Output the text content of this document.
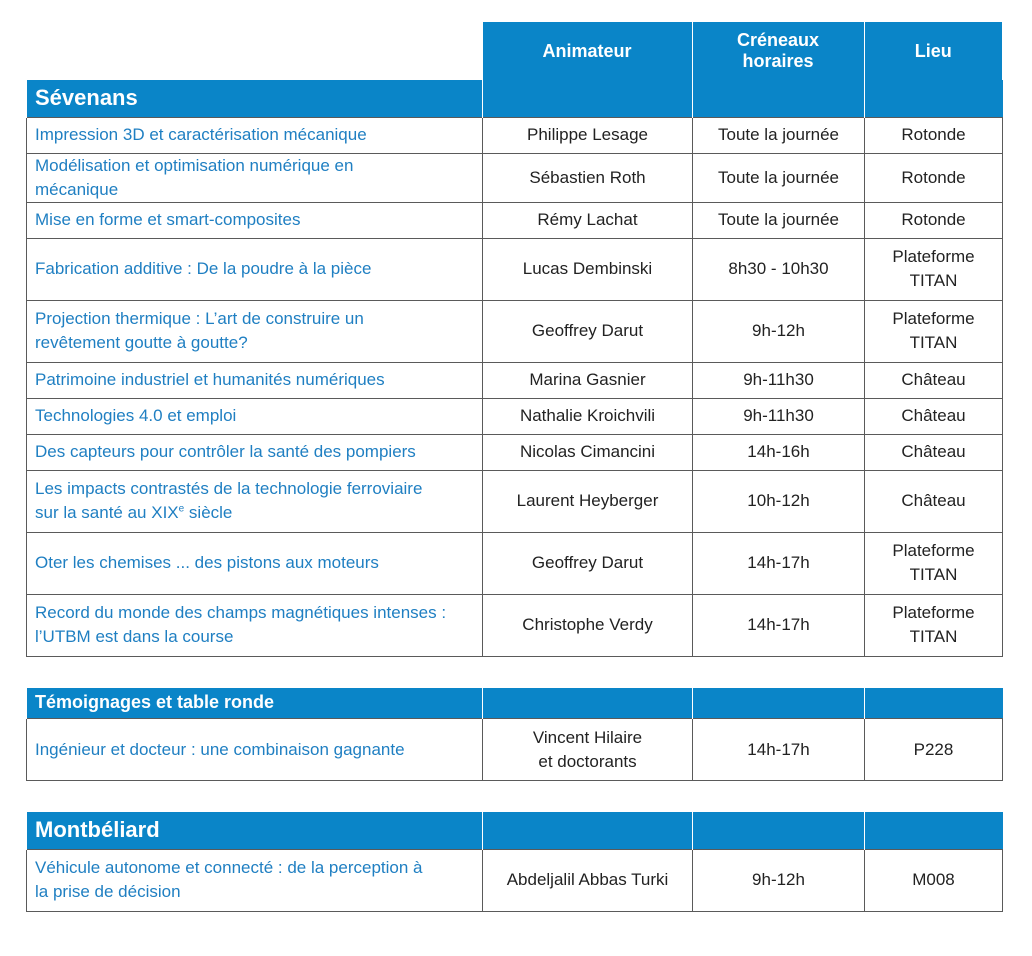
	Animateur	Créneaux
horaires	Lieu
Sévenans			
Impression 3D et caractérisation mécanique	Philippe Lesage	Toute la journée	Rotonde
Modélisation et optimisation numérique en
mécanique	Sébastien Roth	Toute la journée	Rotonde
Mise en forme et smart-composites	Rémy Lachat	Toute la journée	Rotonde
Fabrication additive : De la poudre à la pièce	Lucas Dembinski	8h30 - 10h30	Plateforme
TITAN
Projection thermique : L’art de construire un
revêtement goutte à goutte?	Geoffrey Darut	9h-12h	Plateforme
TITAN
Patrimoine industriel et humanités numériques	Marina Gasnier	9h-11h30	Château
Technologies 4.0 et emploi	Nathalie Kroichvili	9h-11h30	Château
Des capteurs pour contrôler la santé des pompiers	Nicolas Cimancini	14h-16h	Château
Les impacts contrastés de la technologie ferroviaire
sur la santé au XIXe siècle	Laurent Heyberger	10h-12h	Château
Oter les chemises ... des pistons aux moteurs	Geoffrey Darut	14h-17h	Plateforme
TITAN
Record du monde des champs magnétiques intenses :
l’UTBM est dans la course	Christophe Verdy	14h-17h	Plateforme
TITAN
Témoignages et table ronde			
Ingénieur et docteur : une combinaison gagnante	Vincent Hilaire
et doctorants	14h-17h	P228
Montbéliard			
Véhicule autonome et connecté : de la perception à
la prise de décision	Abdeljalil Abbas Turki	9h-12h	M008
